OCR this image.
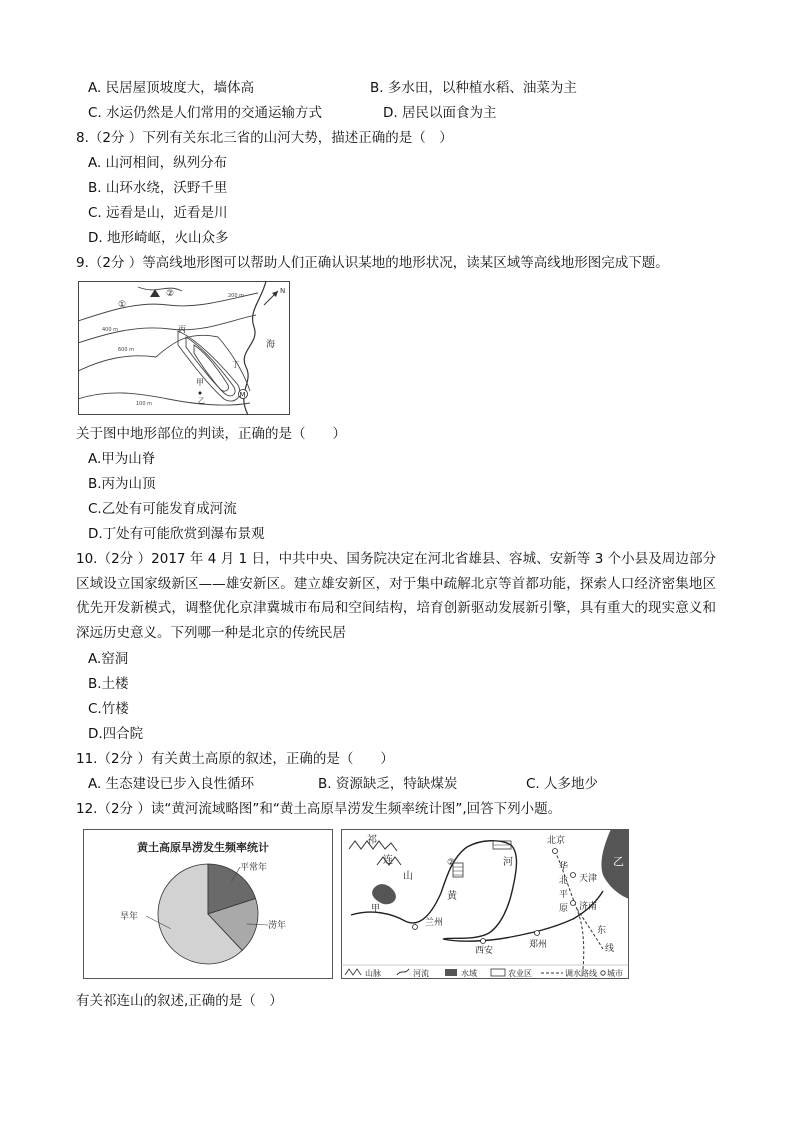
A. 民居屋顶坡度大，墙体高	B. 多水田，以种植水稻、油菜为主
C. 水运仍然是人们常用的交通运输方式	D. 居民以面食为主
8.（2分 ）下列有关东北三省的山河大势，描述正确的是（　）
A. 山河相间，纵列分布
B. 山环水绕，沃野千里
C. 远看是山，近看是川
D. 地形崎岖，火山众多
9.（2分 ）等高线地形图可以帮助人们正确认识某地的地形状况，读某区域等高线地形图完成下题。
N
①
②
丙
甲
乙
丁
M
海
200 m
400 m
600 m
100 m
关于图中地形部位的判读，正确的是（　　）
A.甲为山脊
B.丙为山顶
C.乙处有可能发育成河流
D.丁处有可能欣赏到瀑布景观
10.（2分 ）2017 年 4 月 1 日，中共中央、国务院决定在河北省雄县、容城、安新等 3 个小县及周边部分区域设立国家级新区——雄安新区。建立雄安新区，对于集中疏解北京等首都功能，探索人口经济密集地区优先开发新模式，调整优化京津冀城市布局和空间结构，培育创新驱动发展新引擎，具有重大的现实意义和深远历史意义。下列哪一种是北京的传统民居
A.窑洞
B.土楼
C.竹楼
D.四合院
11.（2分 ）有关黄土高原的叙述，正确的是（　　）
A. 生态建设已步入良性循环	B. 资源缺乏，特缺煤炭	C. 人多地少
12.（2分 ）读“黄河流域略图”和“黄土高原旱涝发生频率统计图”,回答下列小题。
黄土高原旱涝发生频率统计
旱年
平常年
涝年
祁
连
山
②
甲
黄
河
兰州
西安
郑州
北京
天津
华
北
平
原 济南
东
线
乙
山脉	河流	水域	农业区	调水路线 城市
有关祁连山的叙述,正确的是（　）
